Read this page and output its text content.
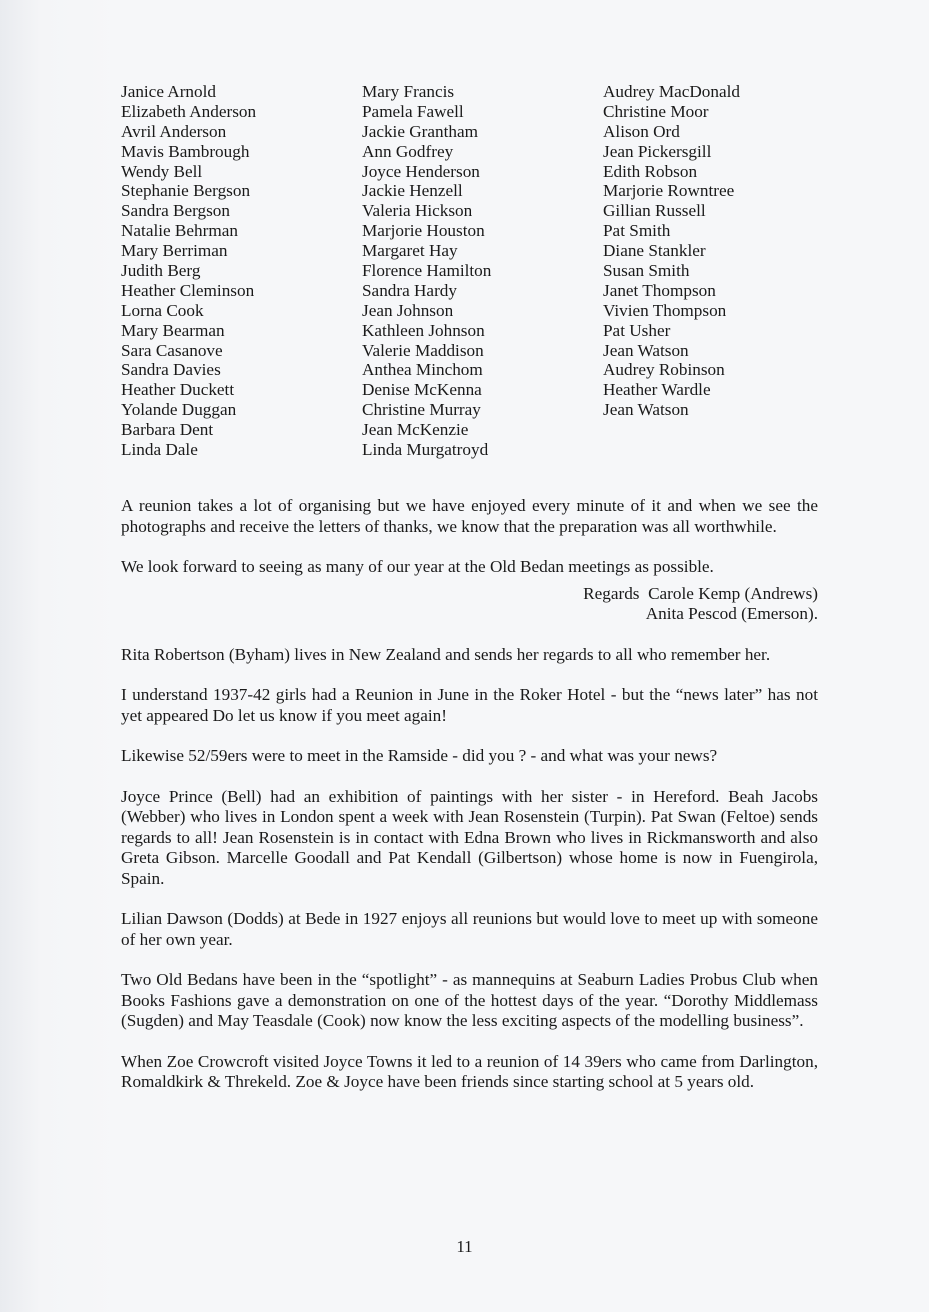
Janice Arnold
Elizabeth Anderson
Avril Anderson
Mavis Bambrough
Wendy Bell
Stephanie Bergson
Sandra Bergson
Natalie Behrman
Mary Berriman
Judith Berg
Heather Cleminson
Lorna Cook
Mary Bearman
Sara Casanove
Sandra Davies
Heather Duckett
Yolande Duggan
Barbara Dent
Linda Dale
Mary Francis
Pamela Fawell
Jackie Grantham
Ann Godfrey
Joyce Henderson
Jackie Henzell
Valeria Hickson
Marjorie Houston
Margaret Hay
Florence Hamilton
Sandra Hardy
Jean Johnson
Kathleen Johnson
Valerie Maddison
Anthea Minchom
Denise McKenna
Christine Murray
Jean McKenzie
Linda Murgatroyd
Audrey MacDonald
Christine Moor
Alison Ord
Jean Pickersgill
Edith Robson
Marjorie Rowntree
Gillian Russell
Pat Smith
Diane Stankler
Susan Smith
Janet Thompson
Vivien Thompson
Pat Usher
Jean Watson
Audrey Robinson
Heather Wardle
Jean Watson

A reunion takes a lot of organising but we have enjoyed every minute of it and when we see the photographs and receive the letters of thanks, we know that the preparation was all worthwhile.

We look forward to seeing as many of our year at the Old Bedan meetings as possible.

Regards  Carole Kemp (Andrews)
Anita Pescod (Emerson).

Rita Robertson (Byham) lives in New Zealand and sends her regards to all who remember her.

I understand 1937-42 girls had a Reunion in June in the Roker Hotel - but the “news later” has not yet appeared Do let us know if you meet again!

Likewise 52/59ers were to meet in the Ramside - did you ? - and what was your news?

Joyce Prince (Bell) had an exhibition of paintings with her sister - in Hereford. Beah Jacobs (Webber) who lives in London spent a week with Jean Rosenstein (Turpin). Pat Swan (Feltoe) sends regards to all! Jean Rosenstein is in contact with Edna Brown who lives in Rickmansworth and also Greta Gibson. Marcelle Goodall and Pat Kendall (Gilbertson) whose home is now in Fuengirola, Spain.

Lilian Dawson (Dodds) at Bede in 1927 enjoys all reunions but would love to meet up with someone of her own year.

Two Old Bedans have been in the “spotlight” - as mannequins at Seaburn Ladies Probus Club when Books Fashions gave a demonstration on one of the hottest days of the year. “Dorothy Middlemass (Sugden) and May Teasdale (Cook) now know the less exciting aspects of the modelling business”.

When Zoe Crowcroft visited Joyce Towns it led to a reunion of 14 39ers who came from Darlington, Romaldkirk & Threkeld. Zoe & Joyce have been friends since starting school at 5 years old.

11
